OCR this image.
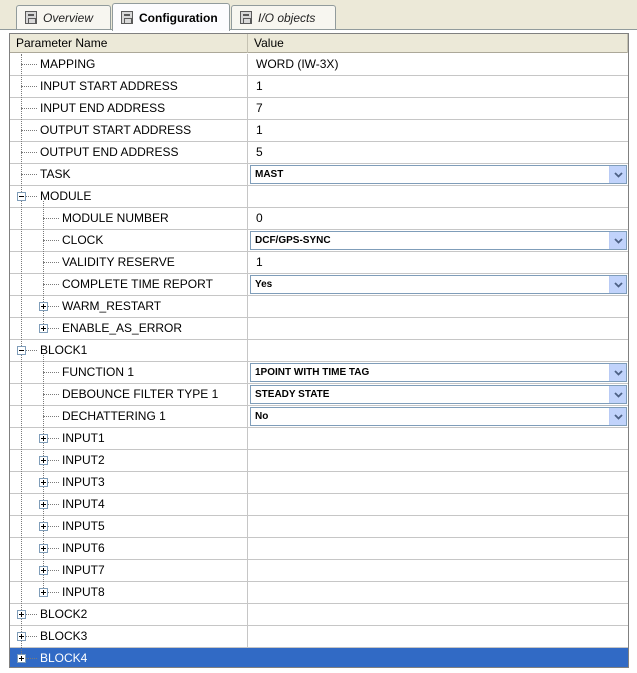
Overview	Configuration	I/O objects
Parameter Name	Value
MAPPING	WORD (IW-3X)
INPUT START ADDRESS	1
INPUT END ADDRESS	7
OUTPUT START ADDRESS	1
OUTPUT END ADDRESS	5
TASK	MAST
MODULE
MODULE NUMBER	0
CLOCK	DCF/GPS-SYNC
VALIDITY RESERVE	1
COMPLETE TIME REPORT	Yes
WARM_RESTART
ENABLE_AS_ERROR
BLOCK1
FUNCTION 1	1POINT WITH TIME TAG
DEBOUNCE FILTER TYPE 1	STEADY STATE
DECHATTERING 1	No
INPUT1
INPUT2
INPUT3
INPUT4
INPUT5
INPUT6
INPUT7
INPUT8
BLOCK2
BLOCK3
BLOCK4
